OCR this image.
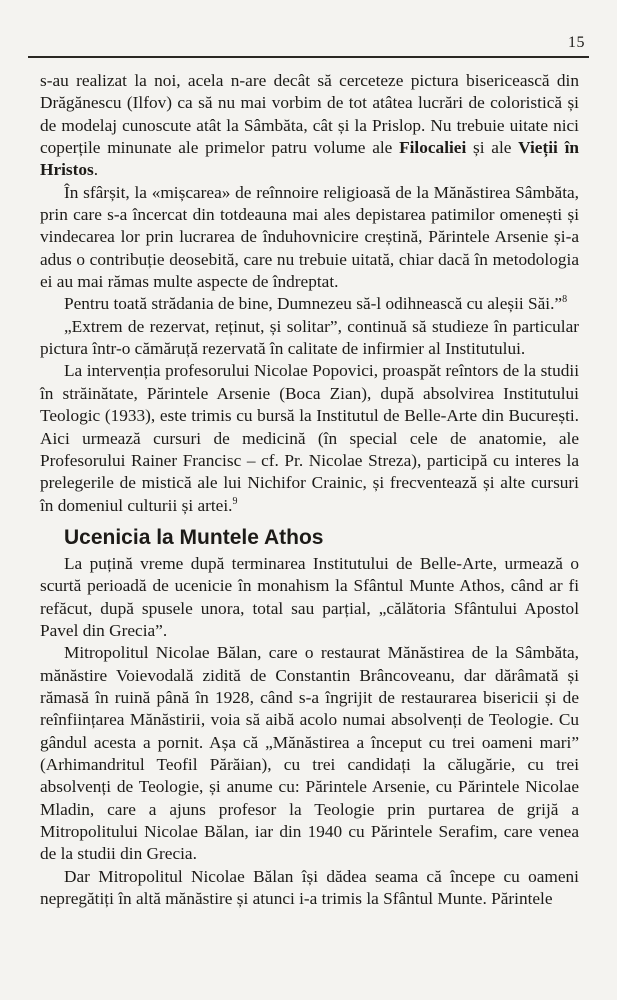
15

s-au realizat la noi, acela n-are decât să cerceteze pictura bisericească din Drăgănescu (Ilfov) ca să nu mai vorbim de tot atâtea lucrări de coloristică și de modelaj cunoscute atât la Sâmbăta, cât și la Prislop. Nu trebuie uitate nici coperțile minunate ale primelor patru volume ale Filocaliei și ale Vieții în Hristos.

În sfârșit, la «mișcarea» de reînnoire religioasă de la Mănăstirea Sâmbăta, prin care s-a încercat din totdeauna mai ales depistarea patimilor omenești și vindecarea lor prin lucrarea de înduhovnicire creștină, Părintele Arsenie și-a adus o contribuție deosebită, care nu trebuie uitată, chiar dacă în metodologia ei au mai rămas multe aspecte de îndreptat.

Pentru toată strădania de bine, Dumnezeu să-l odihnească cu aleșii Săi.”$^8$

„Extrem de rezervat, reținut, și solitar”, continuă să studieze în particular pictura într-o cămăruță rezervată în calitate de infirmier al Institutului.

La intervenția profesorului Nicolae Popovici, proaspăt reîntors de la studii în străinătate, Părintele Arsenie (Boca Zian), după absolvirea Institutului Teologic (1933), este trimis cu bursă la Institutul de Belle-Arte din București. Aici urmează cursuri de medicină (în special cele de anatomie, ale Profesorului Rainer Francisc – cf. Pr. Nicolae Streza), participă cu interes la prelegerile de mistică ale lui Nichifor Crainic, și frecventează și alte cursuri în domeniul culturii și artei.$^9$

Ucenicia la Muntele Athos

La puțină vreme după terminarea Institutului de Belle-Arte, urmează o scurtă perioadă de ucenicie în monahism la Sfântul Munte Athos, când ar fi refăcut, după spusele unora, total sau parțial, „călătoria Sfântului Apostol Pavel din Grecia”.

Mitropolitul Nicolae Bălan, care o restaurat Mănăstirea de la Sâmbăta, mănăstire Voievodală zidită de Constantin Brâncoveanu, dar dărâmată și rămasă în ruină până în 1928, când s-a îngrijit de restaurarea bisericii și de reînființarea Mănăstirii, voia să aibă acolo numai absolvenți de Teologie. Cu gândul acesta a pornit. Așa că „Mănăstirea a început cu trei oameni mari” (Arhimandritul Teofil Părăian), cu trei candidați la călugărie, cu trei absolvenți de Teologie, și anume cu: Părintele Arsenie, cu Părintele Nicolae Mladin, care a ajuns profesor la Teologie prin purtarea de grijă a Mitropolitului Nicolae Bălan, iar din 1940 cu Părintele Serafim, care venea de la studii din Grecia.

Dar Mitropolitul Nicolae Bălan își dădea seama că începe cu oameni nepregătiți în altă mănăstire și atunci i-a trimis la Sfântul Munte. Părintele
